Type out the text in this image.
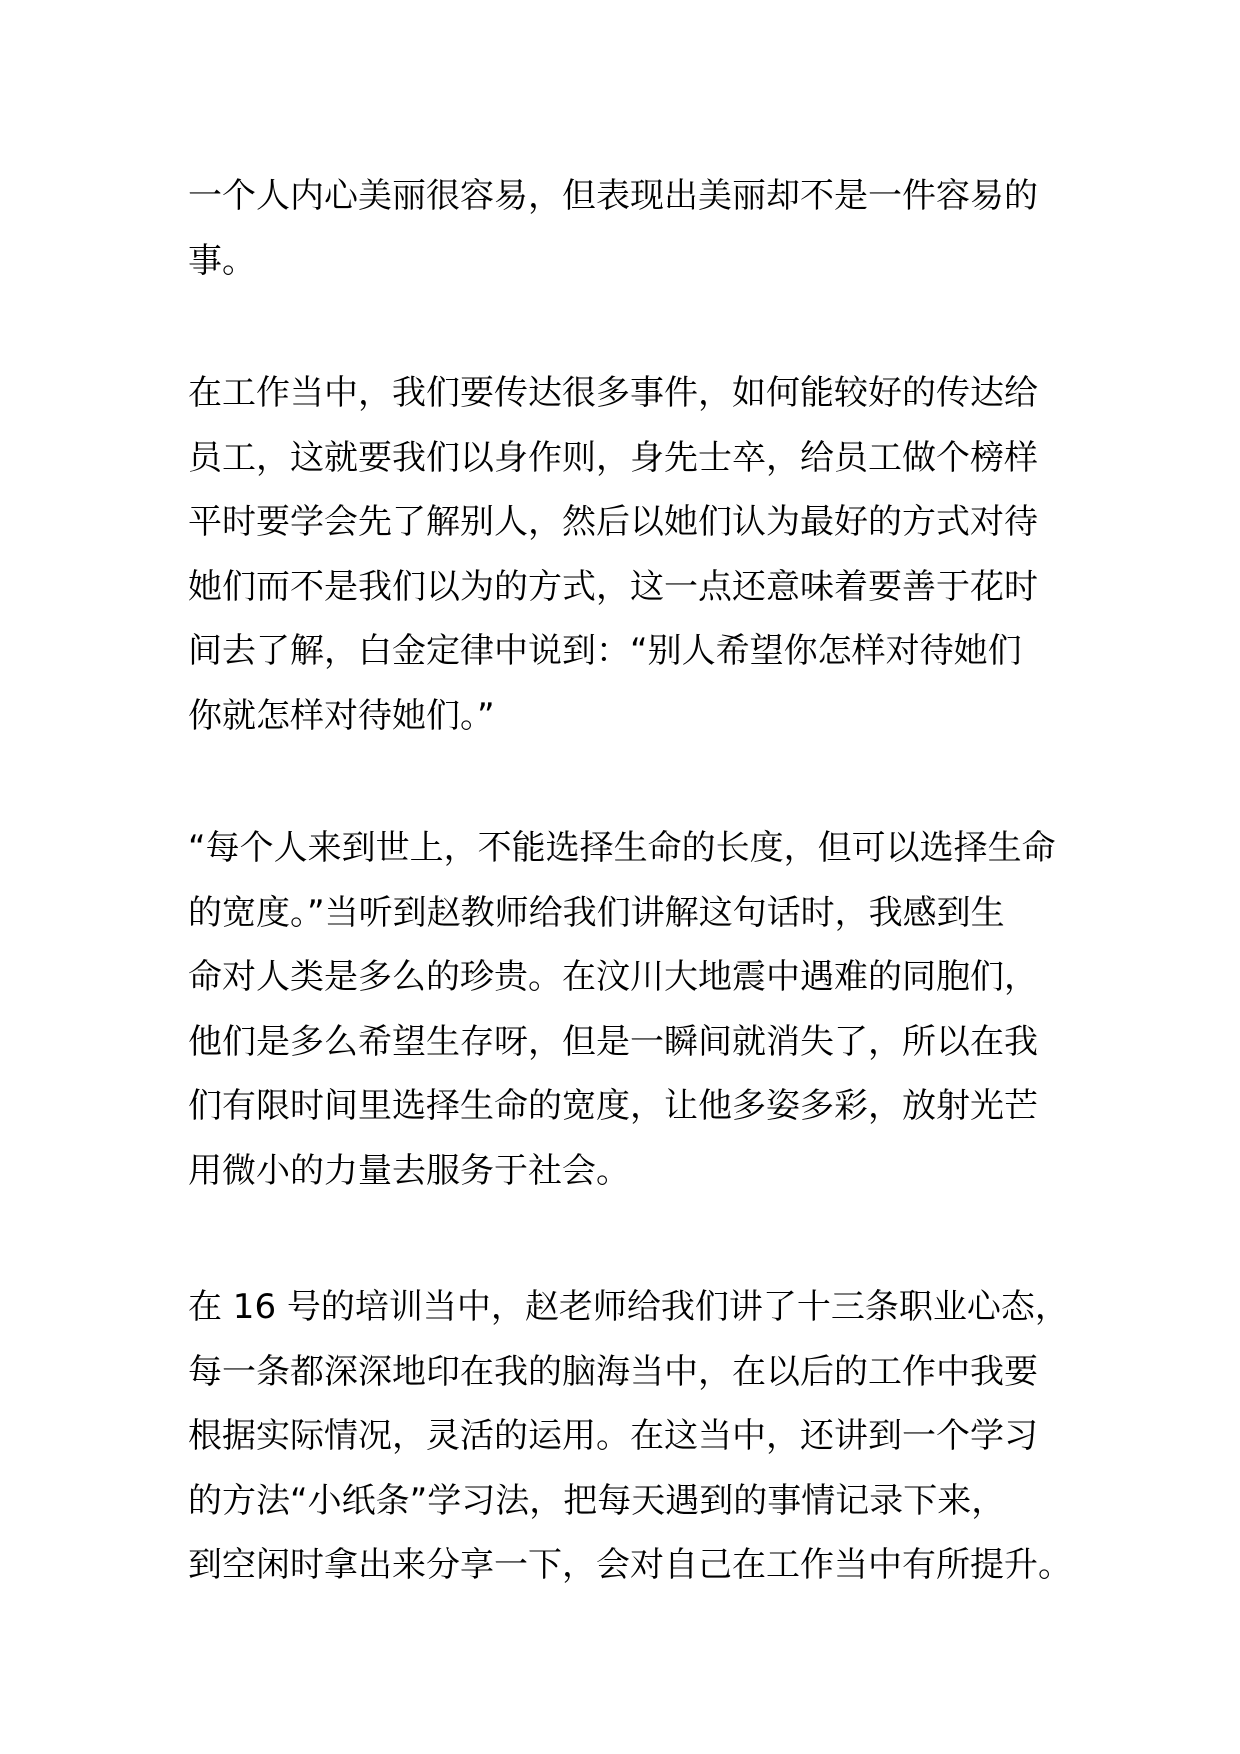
一个人内心美丽很容易，但表现出美丽却不是一件容易的
事。
在工作当中，我们要传达很多事件，如何能较好的传达给
员工，这就要我们以身作则，身先士卒，给员工做个榜样
平时要学会先了解别人，然后以她们认为最好的方式对待
她们而不是我们以为的方式，这一点还意味着要善于花时
间去了解，白金定律中说到：“别人希望你怎样对待她们
你就怎样对待她们。”
“每个人来到世上，不能选择生命的长度，但可以选择生命
的宽度。”当听到赵教师给我们讲解这句话时，我感到生
命对人类是多么的珍贵。在汶川大地震中遇难的同胞们，
他们是多么希望生存呀，但是一瞬间就消失了，所以在我
们有限时间里选择生命的宽度，让他多姿多彩，放射光芒
用微小的力量去服务于社会。
在 16 号的培训当中，赵老师给我们讲了十三条职业心态，
每一条都深深地印在我的脑海当中，在以后的工作中我要
根据实际情况，灵活的运用。在这当中，还讲到一个学习
的方法“小纸条”学习法，把每天遇到的事情记录下来，
到空闲时拿出来分享一下，会对自己在工作当中有所提升。
